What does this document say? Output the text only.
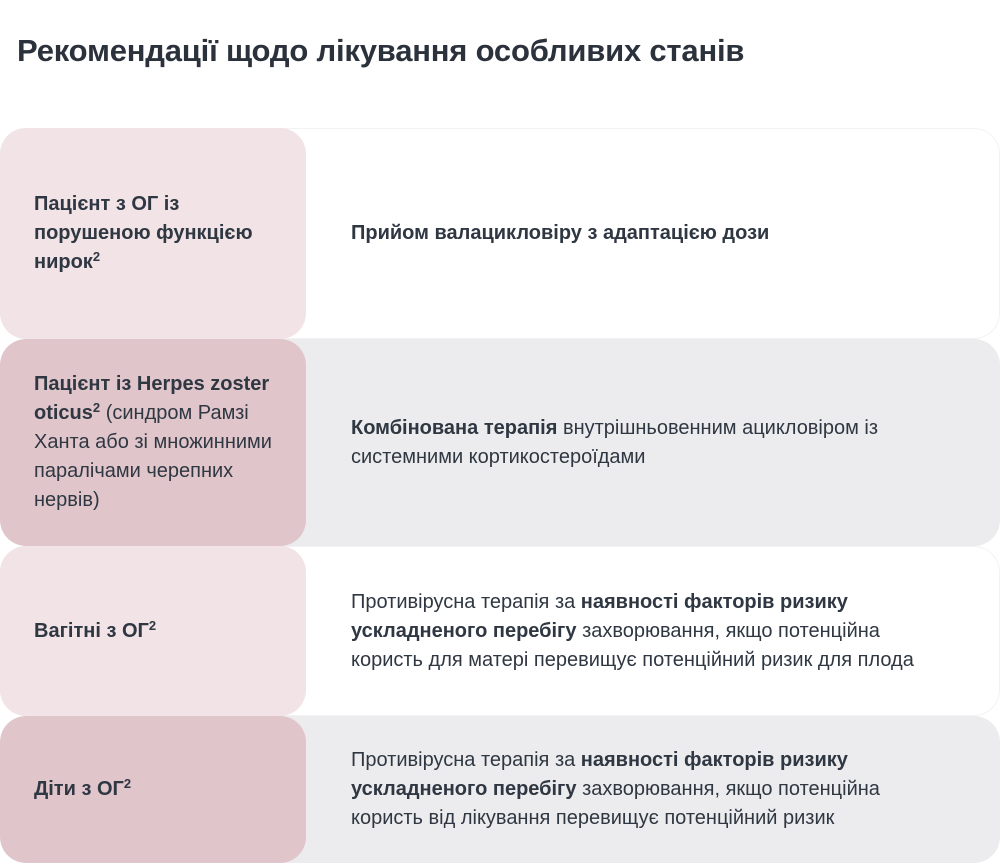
Рекомендації щодо лікування особливих станів
Пацієнт з ОГ із порушеною функцією нирок$^2$
Прийом валацикловіру з адаптацією дози
Пацієнт із Herpes zoster oticus$^2$ (синдром Рамзі Ханта або зі множинними паралічами черепних нервів)
Комбінована терапія внутрішньовенним ацикловіром із системними кортикостероїдами
Вагітні з $ОГ^2$
Противірусна терапія за наявності факторів ризику ускладненого перебігу захворювання, якщо потенційна користь для матері перевищує потенційний ризик для плода
Діти з $ОГ^2$
Противірусна терапія за наявності факторів ризику ускладненого перебігу захворювання, якщо потенційна користь від лікування перевищує потенційний ризик
